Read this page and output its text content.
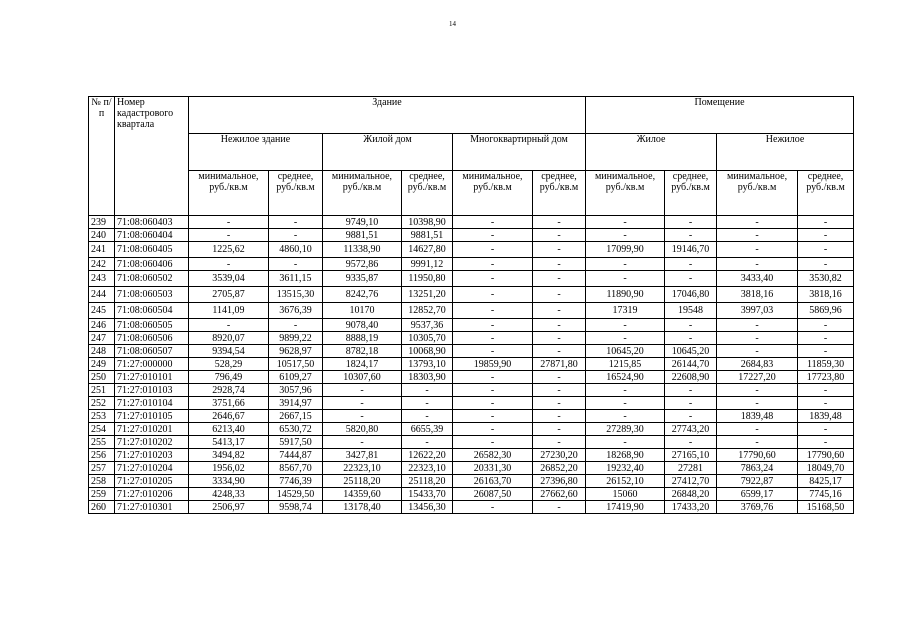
14
№ п/п	Номер кадастрового квартала	Здание						Помещение			
		Нежилое здание		Жилой дом		Многоквартирный дом		Жилое		Нежилое	
		минимальное, руб./кв.м	среднее, руб./кв.м	минимальное, руб./кв.м	среднее, руб./кв.м	минимальное, руб./кв.м	среднее, руб./кв.м	минимальное, руб./кв.м	среднее, руб./кв.м	минимальное, руб./кв.м	среднее, руб./кв.м
239	71:08:060403	-	-	9749,10	10398,90	-	-	-	-	-	-
240	71:08:060404	-	-	9881,51	9881,51	-	-	-	-	-	-
241	71:08:060405	1225,62	4860,10	11338,90	14627,80	-	-	17099,90	19146,70	-	-
242	71:08:060406	-	-	9572,86	9991,12	-	-	-	-	-	-
243	71:08:060502	3539,04	3611,15	9335,87	11950,80	-	-	-	-	3433,40	3530,82
244	71:08:060503	2705,87	13515,30	8242,76	13251,20	-	-	11890,90	17046,80	3818,16	3818,16
245	71:08:060504	1141,09	3676,39	10170	12852,70	-	-	17319	19548	3997,03	5869,96
246	71:08:060505	-	-	9078,40	9537,36	-	-	-	-	-	-
247	71:08:060506	8920,07	9899,22	8888,19	10305,70	-	-	-	-	-	-
248	71:08:060507	9394,54	9628,97	8782,18	10068,90	-	-	10645,20	10645,20	-	-
249	71:27:000000	528,29	10517,50	1824,17	13793,10	19859,90	27871,80	1215,85	26144,70	2684,83	11859,30
250	71:27:010101	796,49	6109,27	10307,60	18303,90	-	-	16524,90	22608,90	17227,20	17723,80
251	71:27:010103	2928,74	3057,96	-	-	-	-	-	-	-	-
252	71:27:010104	3751,66	3914,97	-	-	-	-	-	-	-	-
253	71:27:010105	2646,67	2667,15	-	-	-	-	-	-	1839,48	1839,48
254	71:27:010201	6213,40	6530,72	5820,80	6655,39	-	-	27289,30	27743,20	-	-
255	71:27:010202	5413,17	5917,50	-	-	-	-	-	-	-	-
256	71:27:010203	3494,82	7444,87	3427,81	12622,20	26582,30	27230,20	18268,90	27165,10	17790,60	17790,60
257	71:27:010204	1956,02	8567,70	22323,10	22323,10	20331,30	26852,20	19232,40	27281	7863,24	18049,70
258	71:27:010205	3334,90	7746,39	25118,20	25118,20	26163,70	27396,80	26152,10	27412,70	7922,87	8425,17
259	71:27:010206	4248,33	14529,50	14359,60	15433,70	26087,50	27662,60	15060	26848,20	6599,17	7745,16
260	71:27:010301	2506,97	9598,74	13178,40	13456,30	-	-	17419,90	17433,20	3769,76	15168,50
